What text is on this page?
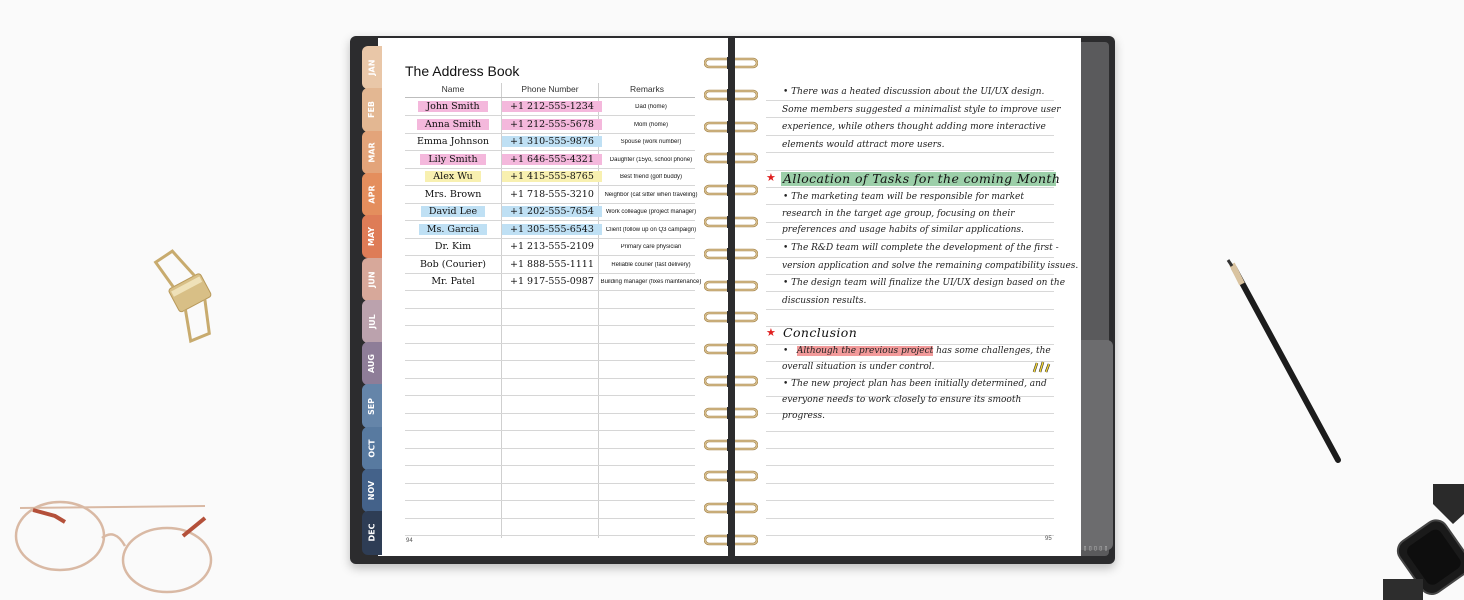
▯▯▯▯▯
JAN
FEB
MAR
APR
MAY
JUN
JUL
AUG
SEP
OCT
NOV
DEC
The Address Book
Name	Phone Number	Remarks
John Smith	+1 212-555-1234	Dad (home)
Anna Smith	+1 212-555-5678	Mom (home)
Emma Johnson	+1 310-555-9876	Spouse (work number)
Lily Smith	+1 646-555-4321	Daughter (15yo, school phone)
Alex Wu	+1 415-555-8765	Best friend (golf buddy)
Mrs. Brown	+1 718-555-3210	Neighbor (cat sitter when traveling)
David Lee	+1 202-555-7654	Work colleague (project manager)
Ms. Garcia	+1 305-555-6543	Client (follow up on Q3 campaign)
Dr. Kim	+1 213-555-2109	Primary care physician
Bob (Courier)	+1 888-555-1111	Reliable courier (fast delivery)
Mr. Patel	+1 917-555-0987	Building manager (fixes maintenance)
94
• There was a heated discussion about the UI/UX design.
Some members suggested a minimalist style to improve user
experience, while others thought adding more interactive
elements would attract more users.
★ Allocation of Tasks for the coming Month
• The marketing team will be responsible for market
research in the target age group, focusing on their
preferences and usage habits of similar applications.
• The R&D team will complete the development of the first -
version application and solve the remaining compatibility issues.
• The design team will finalize the UI/UX design based on the
discussion results.
★ Conclusion
•   Although the previous project has some challenges, the
overall situation is under control.
• The new project plan has been initially determined, and
everyone needs to work closely to ensure its smooth
progress.
95
